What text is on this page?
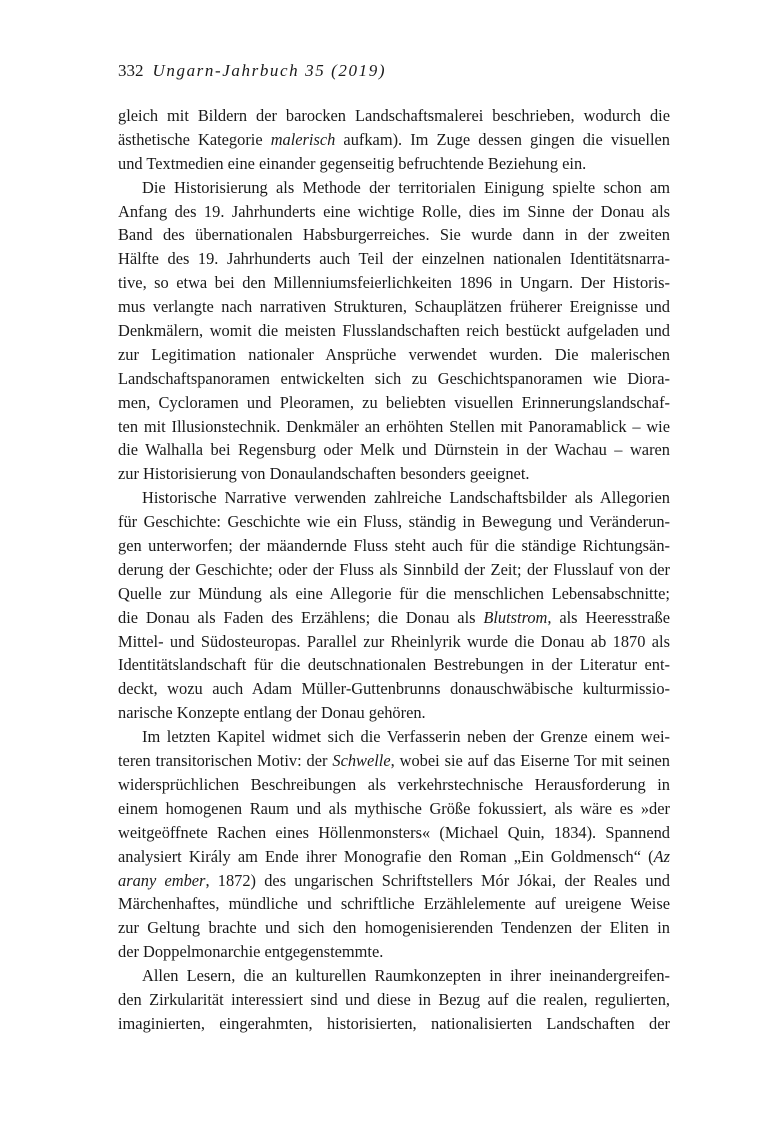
332 Ungarn-Jahrbuch 35 (2019)
gleich mit Bildern der barocken Landschaftsmalerei beschrieben, wodurch die
ästhetische Kategorie malerisch aufkam). Im Zuge dessen gingen die visuellen
und Textmedien eine einander gegenseitig befruchtende Beziehung ein.
Die Historisierung als Methode der territorialen Einigung spielte schon am
Anfang des 19. Jahrhunderts eine wichtige Rolle, dies im Sinne der Donau als
Band des übernationalen Habsburgerreiches. Sie wurde dann in der zweiten
Hälfte des 19. Jahrhunderts auch Teil der einzelnen nationalen Identitätsnarra-
tive, so etwa bei den Millenniumsfeierlichkeiten 1896 in Ungarn. Der Historis-
mus verlangte nach narrativen Strukturen, Schauplätzen früherer Ereignisse und
Denkmälern, womit die meisten Flusslandschaften reich bestückt aufgeladen und
zur Legitimation nationaler Ansprüche verwendet wurden. Die malerischen
Landschaftspanoramen entwickelten sich zu Geschichtspanoramen wie Diora-
men, Cycloramen und Pleoramen, zu beliebten visuellen Erinnerungslandschaf-
ten mit Illusionstechnik. Denkmäler an erhöhten Stellen mit Panoramablick – wie
die Walhalla bei Regensburg oder Melk und Dürnstein in der Wachau – waren
zur Historisierung von Donaulandschaften besonders geeignet.
Historische Narrative verwenden zahlreiche Landschaftsbilder als Allegorien
für Geschichte: Geschichte wie ein Fluss, ständig in Bewegung und Veränderun-
gen unterworfen; der mäandernde Fluss steht auch für die ständige Richtungsän-
derung der Geschichte; oder der Fluss als Sinnbild der Zeit; der Flusslauf von der
Quelle zur Mündung als eine Allegorie für die menschlichen Lebensabschnitte;
die Donau als Faden des Erzählens; die Donau als Blutstrom, als Heeresstraße
Mittel- und Südosteuropas. Parallel zur Rheinlyrik wurde die Donau ab 1870 als
Identitätslandschaft für die deutschnationalen Bestrebungen in der Literatur ent-
deckt, wozu auch Adam Müller-Guttenbrunns donauschwäbische kulturmissio-
narische Konzepte entlang der Donau gehören.
Im letzten Kapitel widmet sich die Verfasserin neben der Grenze einem wei-
teren transitorischen Motiv: der Schwelle, wobei sie auf das Eiserne Tor mit seinen
widersprüchlichen Beschreibungen als verkehrstechnische Herausforderung in
einem homogenen Raum und als mythische Größe fokussiert, als wäre es »der
weitgeöffnete Rachen eines Höllenmonsters« (Michael Quin, 1834). Spannend
analysiert Király am Ende ihrer Monografie den Roman „Ein Goldmensch“ (Az
arany ember, 1872) des ungarischen Schriftstellers Mór Jókai, der Reales und
Märchenhaftes, mündliche und schriftliche Erzählelemente auf ureigene Weise
zur Geltung brachte und sich den homogenisierenden Tendenzen der Eliten in
der Doppelmonarchie entgegenstemmte.
Allen Lesern, die an kulturellen Raumkonzepten in ihrer ineinandergreifen-
den Zirkularität interessiert sind und diese in Bezug auf die realen, regulierten,
imaginierten, eingerahmten, historisierten, nationalisierten Landschaften der
